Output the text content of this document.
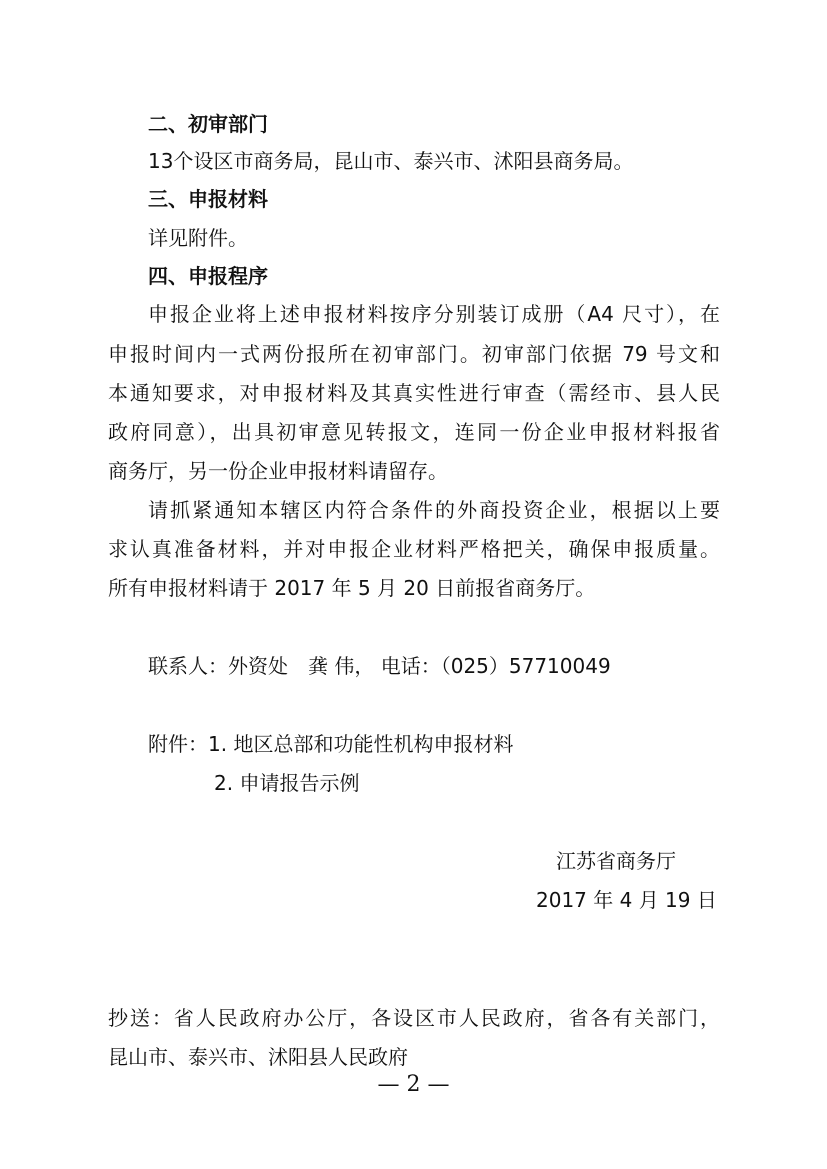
二、初审部门
13个设区市商务局，昆山市、泰兴市、沭阳县商务局。
三、申报材料
详见附件。
四、申报程序
申报企业将上述申报材料按序分别装订成册（A4 尺寸），在
申报时间内一式两份报所在初审部门。初审部门依据 79 号文和
本通知要求，对申报材料及其真实性进行审查（需经市、县人民
政府同意），出具初审意见转报文，连同一份企业申报材料报省
商务厅，另一份企业申报材料请留存。
请抓紧通知本辖区内符合条件的外商投资企业，根据以上要
求认真准备材料，并对申报企业材料严格把关，确保申报质量。
所有申报材料请于 2017 年 5 月 20 日前报省商务厅。
联系人：外资处　龚 伟， 电话：（025）57710049
附件：1. 地区总部和功能性机构申报材料
2. 申请报告示例
江苏省商务厅
2017 年 4 月 19 日
抄送：省人民政府办公厅，各设区市人民政府，省各有关部门，
昆山市、泰兴市、沭阳县人民政府
— 2 —
